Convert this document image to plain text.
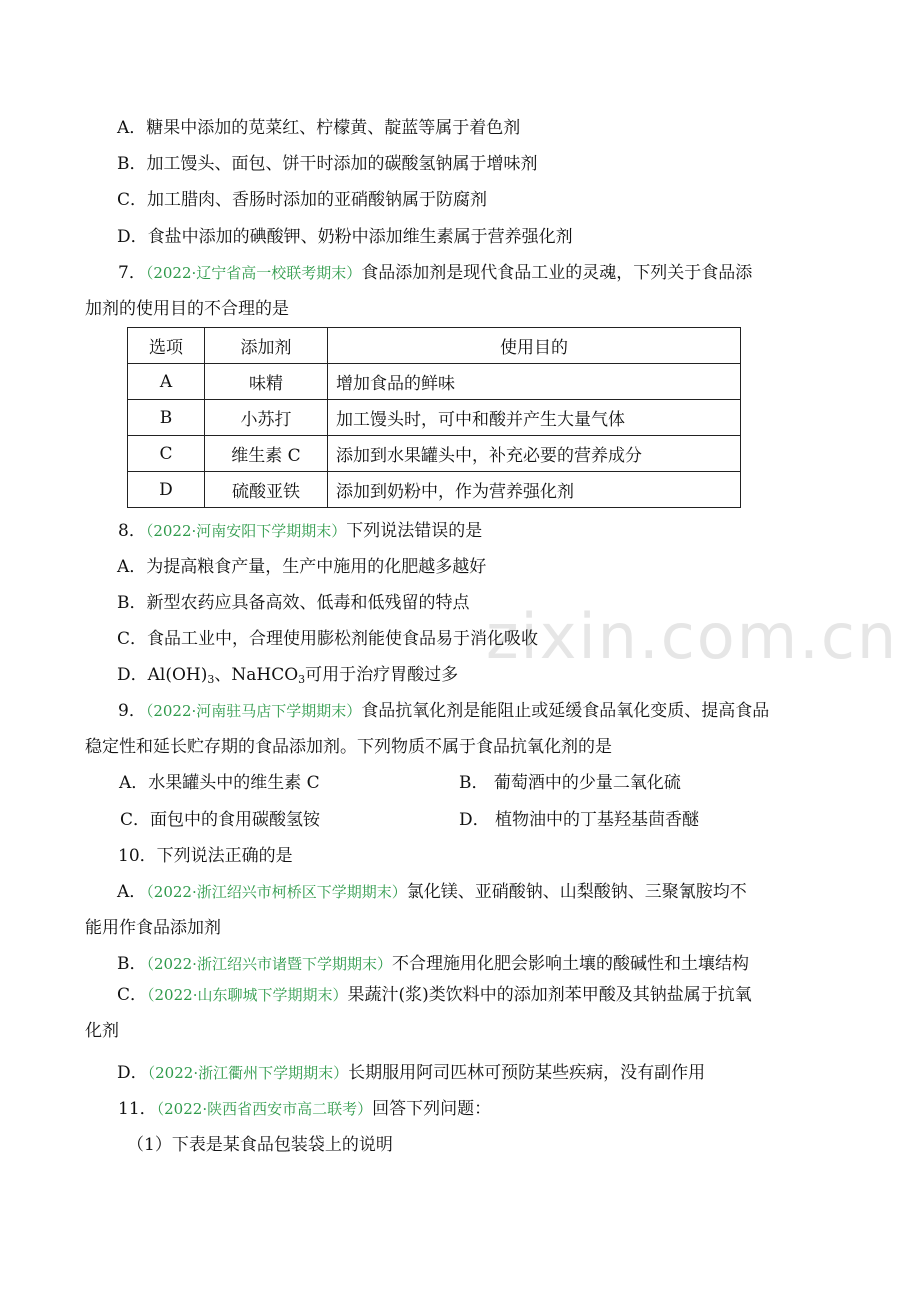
zixin.com.cn
A．糖果中添加的苋菜红、柠檬黄、靛蓝等属于着色剂
B．加工馒头、面包、饼干时添加的碳酸氢钠属于增味剂
C．加工腊肉、香肠时添加的亚硝酸钠属于防腐剂
D．食盐中添加的碘酸钾、奶粉中添加维生素属于营养强化剂
7．（2022·辽宁省高一校联考期末）食品添加剂是现代食品工业的灵魂，下列关于食品添
加剂的使用目的不合理的是
选项	添加剂	使用目的
A	味精	增加食品的鲜味
B	小苏打	加工馒头时，可中和酸并产生大量气体
C	维生素 C	添加到水果罐头中，补充必要的营养成分
D	硫酸亚铁	添加到奶粉中，作为营养强化剂
8．（2022·河南安阳下学期期末）下列说法错误的是
A．为提高粮食产量，生产中施用的化肥越多越好
B．新型农药应具备高效、低毒和低残留的特点
C．食品工业中，合理使用膨松剂能使食品易于消化吸收
D．$Al(OH)_3$、NaHCO$_3$可用于治疗胃酸过多
9．（2022·河南驻马店下学期期末）食品抗氧化剂是能阻止或延缓食品氧化变质、提高食品
稳定性和延长贮存期的食品添加剂。下列物质不属于食品抗氧化剂的是
A．水果罐头中的维生素 C	B． 葡萄酒中的少量二氧化硫
C．面包中的食用碳酸氢铵	D． 植物油中的丁基羟基茴香醚
10．下列说法正确的是
A．（2022·浙江绍兴市柯桥区下学期期末）氯化镁、亚硝酸钠、山梨酸钠、三聚氰胺均不
能用作食品添加剂
B．（2022·浙江绍兴市诸暨下学期期末）不合理施用化肥会影响土壤的酸碱性和土壤结构
C．（2022·山东聊城下学期期末）果蔬汁(浆)类饮料中的添加剂苯甲酸及其钠盐属于抗氧
化剂
D．（2022·浙江衢州下学期期末）长期服用阿司匹林可预防某些疾病，没有副作用
11．（2022·陕西省西安市高二联考）回答下列问题：
（1）下表是某食品包装袋上的说明
